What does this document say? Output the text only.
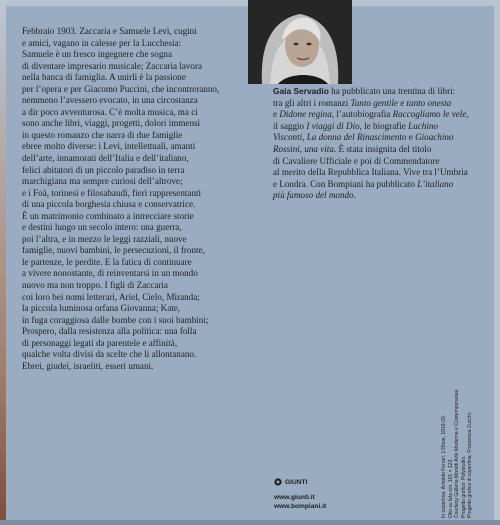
Febbraio 1903. Zaccaria e Samuele Levi, cugini

e amici, vagano in calesse per la Lucchesia:

Samuele è un fresco ingegnere che sogna

di diventare impresario musicale; Zaccaria lavora

nella banca di famiglia. A unirli è la passione

per l’opera e per Giacomo Puccini, che incontreranno,

nemmeno l’avessero evocato, in una circostanza

a dir poco avventurosa. C’è molta musica, ma ci

sono anche libri, viaggi, progetti, dolori immensi

in questo romanzo che narra di due famiglie

ebree molto diverse: i Levi, intellettuali, amanti

dell’arte, innamorati dell’Italia e dell’italiano,

felici abitatori di un piccolo paradiso in terra

marchigiana ma sempre curiosi dell’altrove;

e i Foà, torinesi e filosabaudi, fieri rappresentanti

di una piccola borghesia chiusa e conservatrice.

È un matrimonio combinato a intrecciare storie

e destini lungo un secolo intero: una guerra,

poi l’altra, e in mezzo le leggi razziali, nuove

famiglie, nuovi bambini, le persecuzioni, il fronte,

le partenze, le perdite. E la fatica di continuare

a vivere nonostante, di reinventarsi in un mondo

nuovo ma non troppo. I figli di Zaccaria

coi loro bei nomi letterari, Ariel, Cielo, Miranda;

la piccola luminosa orfana Giovanna; Kate,

in fuga coraggiosa dalle bombe con i suoi bambini;

Prospero, dalla resistenza alla politica: una folla

di personaggi legati da parentele e affinità,

qualche volta divisi da scelte che li allontanano.

Ebrei, giudei, israeliti, esseri umani.

Gaia Servadio ha pubblicato una trentina di libri:
tra gli altri i romanzi Tanto gentile e tanto onesta
e Didone regina, l’autobiografia Raccogliamo le vele,
il saggio I viaggi di Dio, le biografie Luchino
Visconti, La donna del Rinascimento e Gioachino
Rossini, una vita. È stata insignita del titolo
di Cavaliere Ufficiale e poi di Commendatore
al merito della Repubblica Italiana. Vive tra l’Umbria
e Londra. Con Bompiani ha pubblicato L’italiano
più famoso del mondo.
GIUNTI
www.giunti.it
www.bompiani.it	In copertina: Arnoldo Ferrari, L’Oboe, 1919-20. Olio su tela cm. 101 × 123. Courtesy Galleria Moretti Arte Moderna e Contemporanea. Progetto grafico: Polystudio. Progetto grafico di copertina: Francesca Zucchi.
